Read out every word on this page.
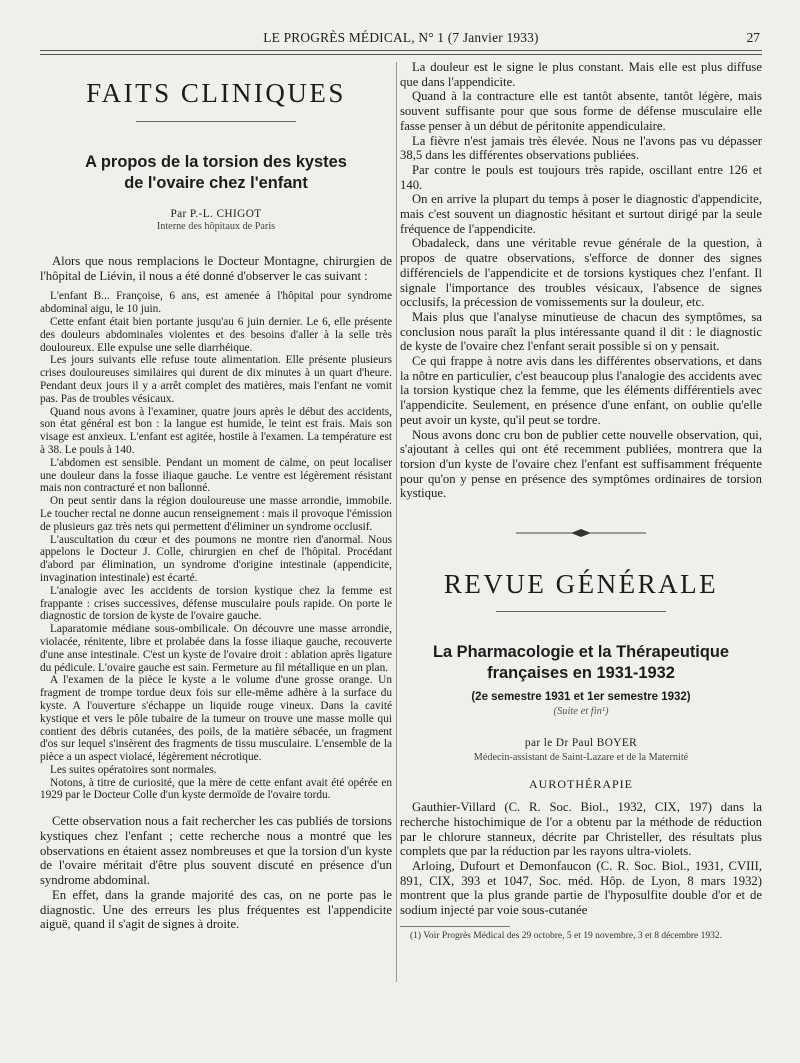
LE PROGRÈS MÉDICAL, N° 1 (7 Janvier 1933)	27
FAITS CLINIQUES
A propos de la torsion des kystes
de l'ovaire chez l'enfant
Par P.-L. CHIGOT
Interne des hôpitaux de Paris

Alors que nous remplacions le Docteur Montagne, chirurgien de l'hôpital de Liévin, il nous a été donné d'observer le cas suivant :

L'enfant B... Françoise, 6 ans, est amenée à l'hôpital pour syndrome abdominal aigu, le 10 juin.

Cette enfant était bien portante jusqu'au 6 juin dernier. Le 6, elle présente des douleurs abdominales violentes et des besoins d'aller à la selle très douloureux. Elle expulse une selle diarrhéique.

Les jours suivants elle refuse toute alimentation. Elle présente plusieurs crises douloureuses similaires qui durent de dix minutes à un quart d'heure. Pendant deux jours il y a arrêt complet des matières, mais l'enfant ne vomit pas. Pas de troubles vésicaux.

Quand nous avons à l'examiner, quatre jours après le début des accidents, son état général est bon : la langue est humide, le teint est frais. Mais son visage est anxieux. L'enfant est agitée, hostile à l'examen. La température est à 38. Le pouls à 140.

L'abdomen est sensible. Pendant un moment de calme, on peut localiser une douleur dans la fosse iliaque gauche. Le ventre est légèrement résistant mais non contracturé et non ballonné.

On peut sentir dans la région douloureuse une masse arrondie, immobile. Le toucher rectal ne donne aucun renseignement : mais il provoque l'émission de plusieurs gaz très nets qui permettent d'éliminer un syndrome occlusif.

L'auscultation du cœur et des poumons ne montre rien d'anormal. Nous appelons le Docteur J. Colle, chirurgien en chef de l'hôpital. Procédant d'abord par élimination, un syndrome d'origine intestinale (appendicite, invagination intestinale) est écarté.

L'analogie avec les accidents de torsion kystique chez la femme est frappante : crises successives, défense musculaire pouls rapide. On porte le diagnostic de torsion de kyste de l'ovaire gauche.

Laparatomie médiane sous-ombilicale. On découvre une masse arrondie, violacée, rénitente, libre et prolabée dans la fosse iliaque gauche, recouverte d'une anse intestinale. C'est un kyste de l'ovaire droit : ablation après ligature du pédicule. L'ovaire gauche est sain. Fermeture au fil métallique en un plan.

A l'examen de la pièce le kyste a le volume d'une grosse orange. Un fragment de trompe tordue deux fois sur elle-même adhère à la surface du kyste. A l'ouverture s'échappe un liquide rouge vineux. Dans la cavité kystique et vers le pôle tubaire de la tumeur on trouve une masse molle qui contient des débris cutanées, des poils, de la matière sébacée, un fragment d'os sur lequel s'insèrent des fragments de tissu musculaire. L'ensemble de la pièce a un aspect violacé, légèrement nécrotique.

Les suites opératoires sont normales.

Notons, à titre de curiosité, que la mère de cette enfant avait été opérée en 1929 par le Docteur Colle d'un kyste dermoïde de l'ovaire tordu.

Cette observation nous a fait rechercher les cas publiés de torsions kystiques chez l'enfant ; cette recherche nous a montré que les observations en étaient assez nombreuses et que la torsion d'un kyste de l'ovaire méritait d'être plus souvent discuté en présence d'un syndrome abdominal.

En effet, dans la grande majorité des cas, on ne porte pas le diagnostic. Une des erreurs les plus fréquentes est l'appendicite aiguë, quand il s'agit de signes à droite.

La douleur est le signe le plus constant. Mais elle est plus diffuse que dans l'appendicite.

Quand à la contracture elle est tantôt absente, tantôt légère, mais souvent suffisante pour que sous forme de défense musculaire elle fasse penser à un début de péritonite appendiculaire.

La fièvre n'est jamais très élevée. Nous ne l'avons pas vu dépasser 38,5 dans les différentes observations publiées.

Par contre le pouls est toujours très rapide, oscillant entre 126 et 140.

On en arrive la plupart du temps à poser le diagnostic d'appendicite, mais c'est souvent un diagnostic hésitant et surtout dirigé par la seule fréquence de l'appendicite.

Obadaleck, dans une véritable revue générale de la question, à propos de quatre observations, s'efforce de donner des signes différenciels de l'appendicite et de torsions kystiques chez l'enfant. Il signale l'importance des troubles vésicaux, l'absence de signes occlusifs, la précession de vomissements sur la douleur, etc.

Mais plus que l'analyse minutieuse de chacun des symptômes, sa conclusion nous paraît la plus intéressante quand il dit : le diagnostic de kyste de l'ovaire chez l'enfant serait possible si on y pensait.

Ce qui frappe à notre avis dans les différentes observations, et dans la nôtre en particulier, c'est beaucoup plus l'analogie des accidents avec la torsion kystique chez la femme, que les éléments différentiels avec l'appendicite. Seulement, en présence d'une enfant, on oublie qu'elle peut avoir un kyste, qu'il peut se tordre.

Nous avons donc cru bon de publier cette nouvelle observation, qui, s'ajoutant à celles qui ont été recemment publiées, montrera que la torsion d'un kyste de l'ovaire chez l'enfant est suffisamment fréquente pour qu'on y pense en présence des symptômes ordinaires de torsion kystique.

REVUE GÉNÉRALE
La Pharmacologie et la Thérapeutique
françaises en 1931-1932
(2e semestre 1931 et 1er semestre 1932)
(Suite et fin¹)
par le Dr Paul BOYER
Médecin-assistant de Saint-Lazare et de la Maternité
AUROTHÉRAPIE

Gauthier-Villard (C. R. Soc. Biol., 1932, CIX, 197) dans la recherche histochimique de l'or a obtenu par la méthode de réduction par le chlorure stanneux, décrite par Christeller, des résultats plus complets que par la réduction par les rayons ultra-violets.

Arloing, Dufourt et Demonfaucon (C. R. Soc. Biol., 1931, CVIII, 891, CIX, 393 et 1047, Soc. méd. Hôp. de Lyon, 8 mars 1932) montrent que la plus grande partie de l'hyposulfite double d'or et de sodium injecté par voie sous-cutanée

(1) Voir Progrès Médical des 29 octobre, 5 et 19 novembre, 3 et 8 décembre 1932.
